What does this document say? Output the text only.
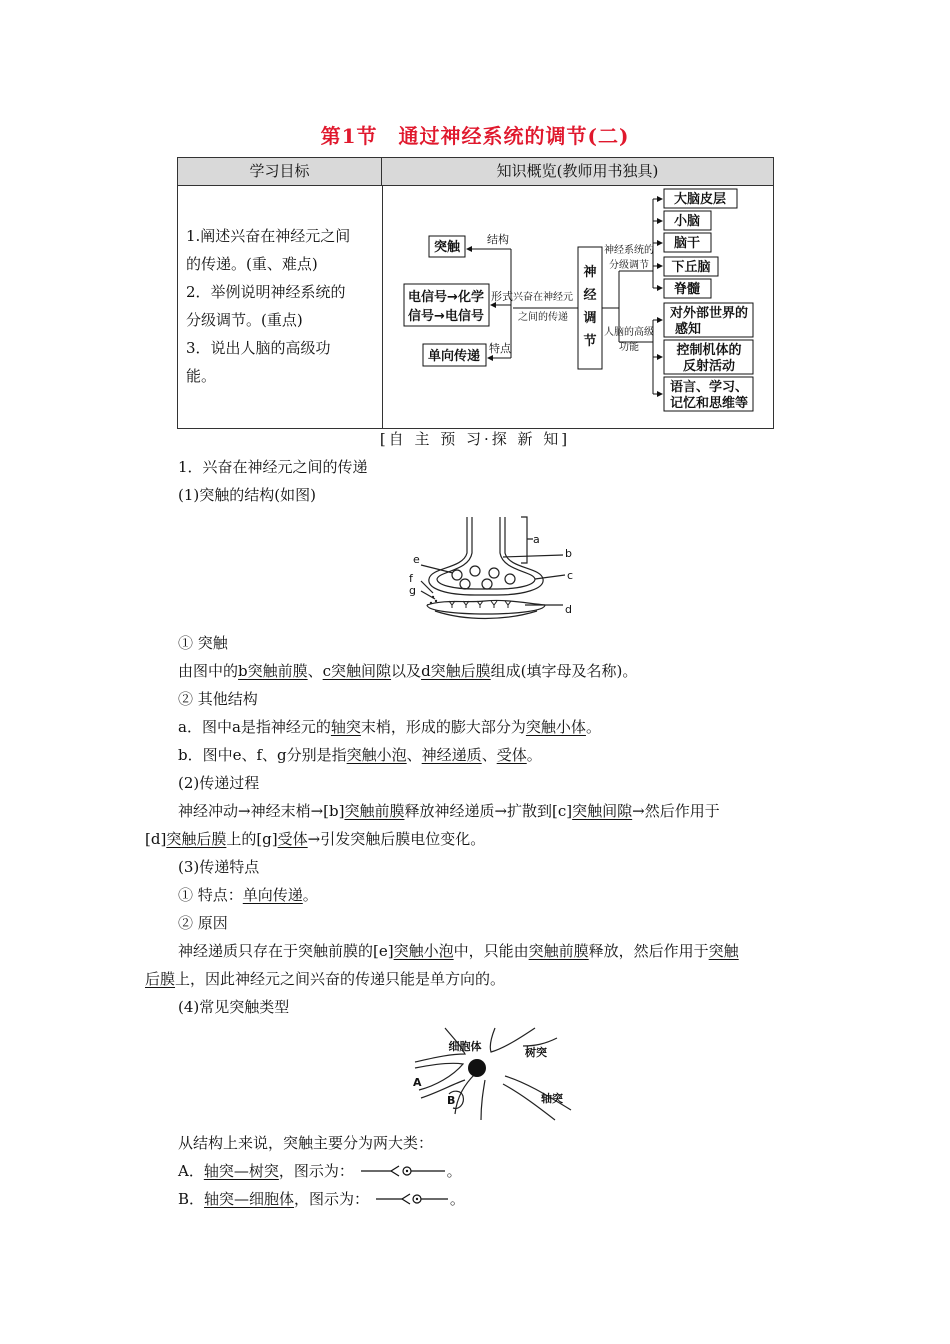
第1节　通过神经系统的调节(二)
学习目标	知识概览(教师用书独具)

1.阐述兴奋在神经元之间

的传递。(重、难点)

2．举例说明神经系统的

分级调节。(重点)

3．说出人脑的高级功

能。

突触
结构
电信号→化学
信号→电信号
形式 兴奋在神经元
之间的传递
单向传递
特点
神
经
调
节
神经系统的
分级调节
人脑的高级
功能
大脑皮层
小脑
脑干
下丘脑
脊髓
对外部世界的
感知
控制机体的
反射活动
语言、学习、
记忆和思维等
[自 主 预 习·探 新 知]
1．兴奋在神经元之间的传递
(1)突触的结构(如图)
a
b
c
d
e
f
g
① 突触
由图中的b突触前膜、c突触间隙以及d突触后膜组成(填字母及名称)。
② 其他结构
a．图中a是指神经元的轴突末梢，形成的膨大部分为突触小体。
b．图中e、f、g分别是指突触小泡、神经递质、受体。
(2)传递过程
神经冲动→神经末梢→[b]突触前膜释放神经递质→扩散到[c]突触间隙→然后作用于
[d]突触后膜上的[g]受体→引发突触后膜电位变化。
(3)传递特点
① 特点：单向传递。
② 原因
神经递质只存在于突触前膜的[e]突触小泡中，只能由突触前膜释放，然后作用于突触
后膜上，因此神经元之间兴奋的传递只能是单方向的。
(4)常见突触类型
细胞体	树突
轴突
A
B
从结构上来说，突触主要分为两大类：
A．轴突—树突，图示为：	。
B．轴突—细胞体，图示为：	。
